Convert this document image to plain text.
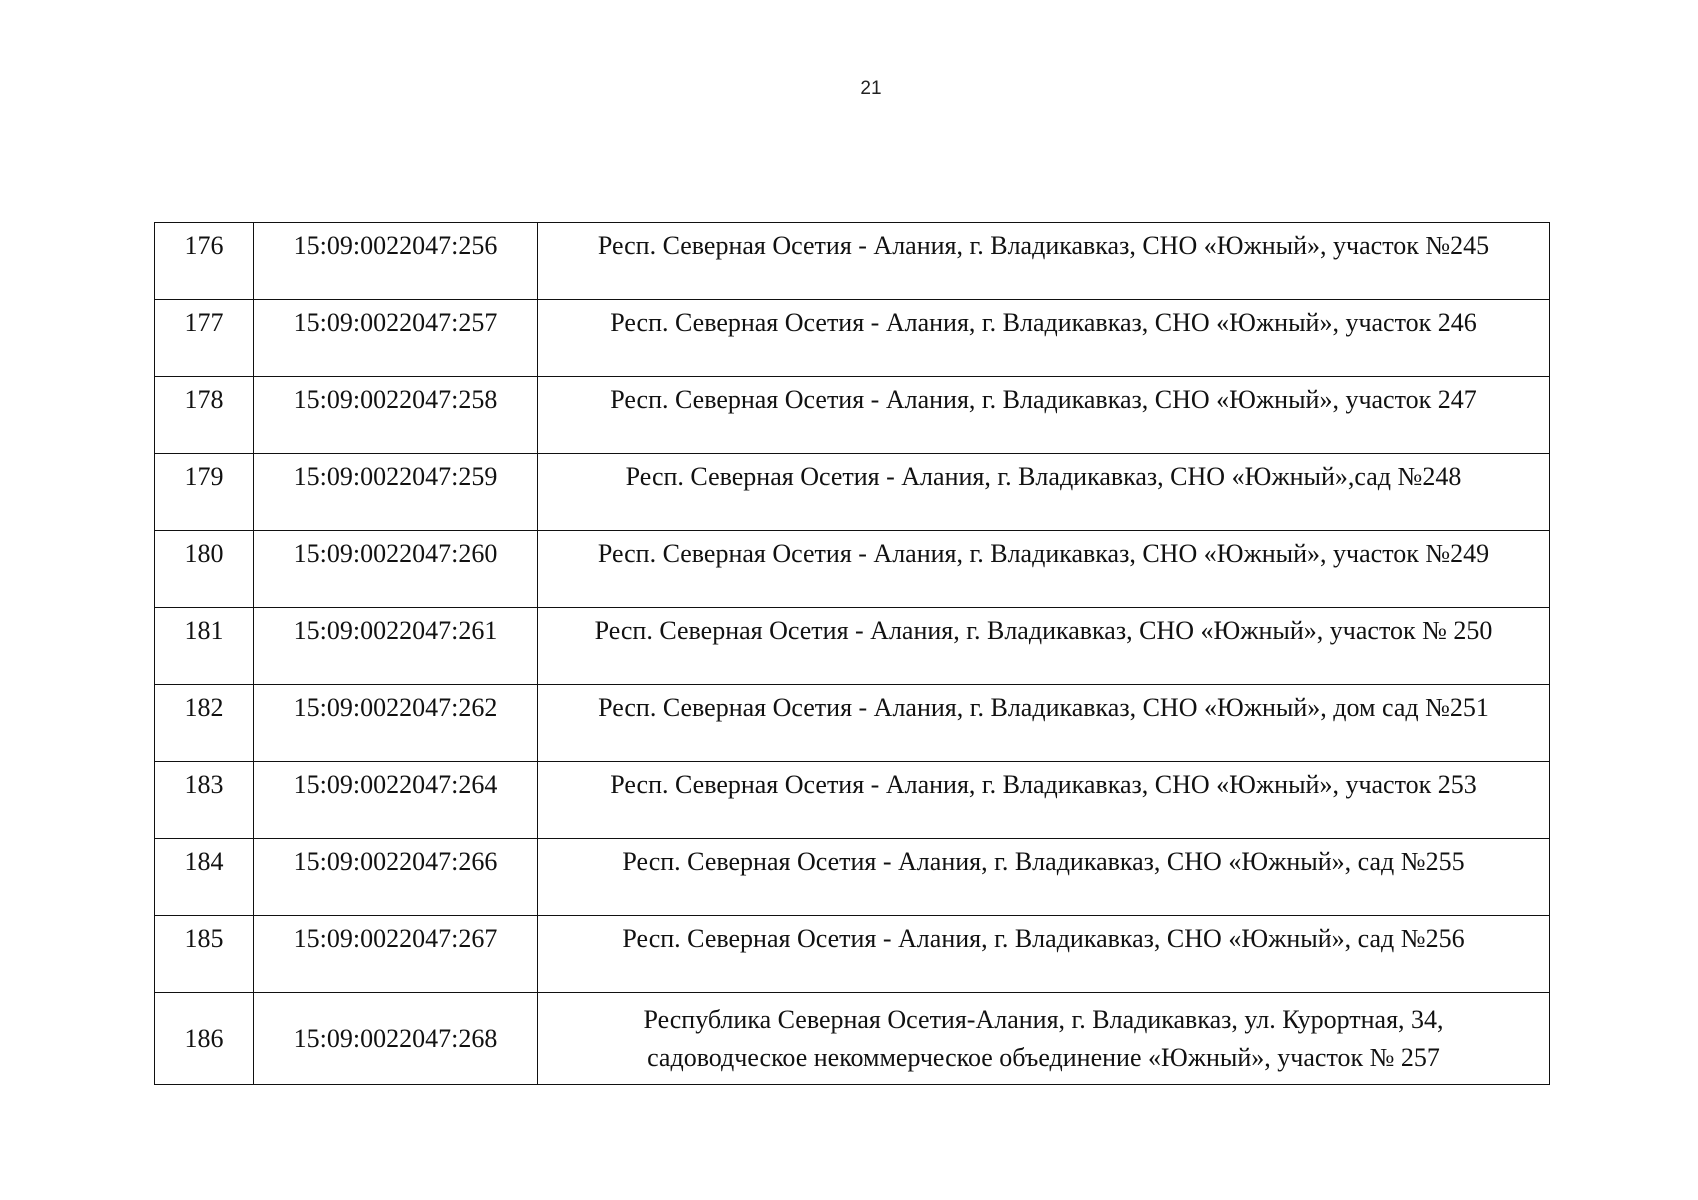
21
176	15:09:0022047:256	Респ. Северная Осетия - Алания, г. Владикавказ, СНО «Южный», участок №245
177	15:09:0022047:257	Респ. Северная Осетия - Алания, г. Владикавказ, СНО «Южный», участок 246
178	15:09:0022047:258	Респ. Северная Осетия - Алания, г. Владикавказ, СНО «Южный», участок 247
179	15:09:0022047:259	Респ. Северная Осетия - Алания, г. Владикавказ, СНО «Южный»,сад №248
180	15:09:0022047:260	Респ. Северная Осетия - Алания, г. Владикавказ, СНО «Южный», участок №249
181	15:09:0022047:261	Респ. Северная Осетия - Алания, г. Владикавказ, СНО «Южный», участок № 250
182	15:09:0022047:262	Респ. Северная Осетия - Алания, г. Владикавказ, СНО «Южный», дом сад №251
183	15:09:0022047:264	Респ. Северная Осетия - Алания, г. Владикавказ, СНО «Южный», участок 253
184	15:09:0022047:266	Респ. Северная Осетия - Алания, г. Владикавказ, СНО «Южный», сад №255
185	15:09:0022047:267	Респ. Северная Осетия - Алания, г. Владикавказ, СНО «Южный», сад №256
186	15:09:0022047:268	Республика Северная Осетия-Алания, г. Владикавказ, ул. Курортная, 34, садоводческое некоммерческое объединение «Южный», участок № 257
